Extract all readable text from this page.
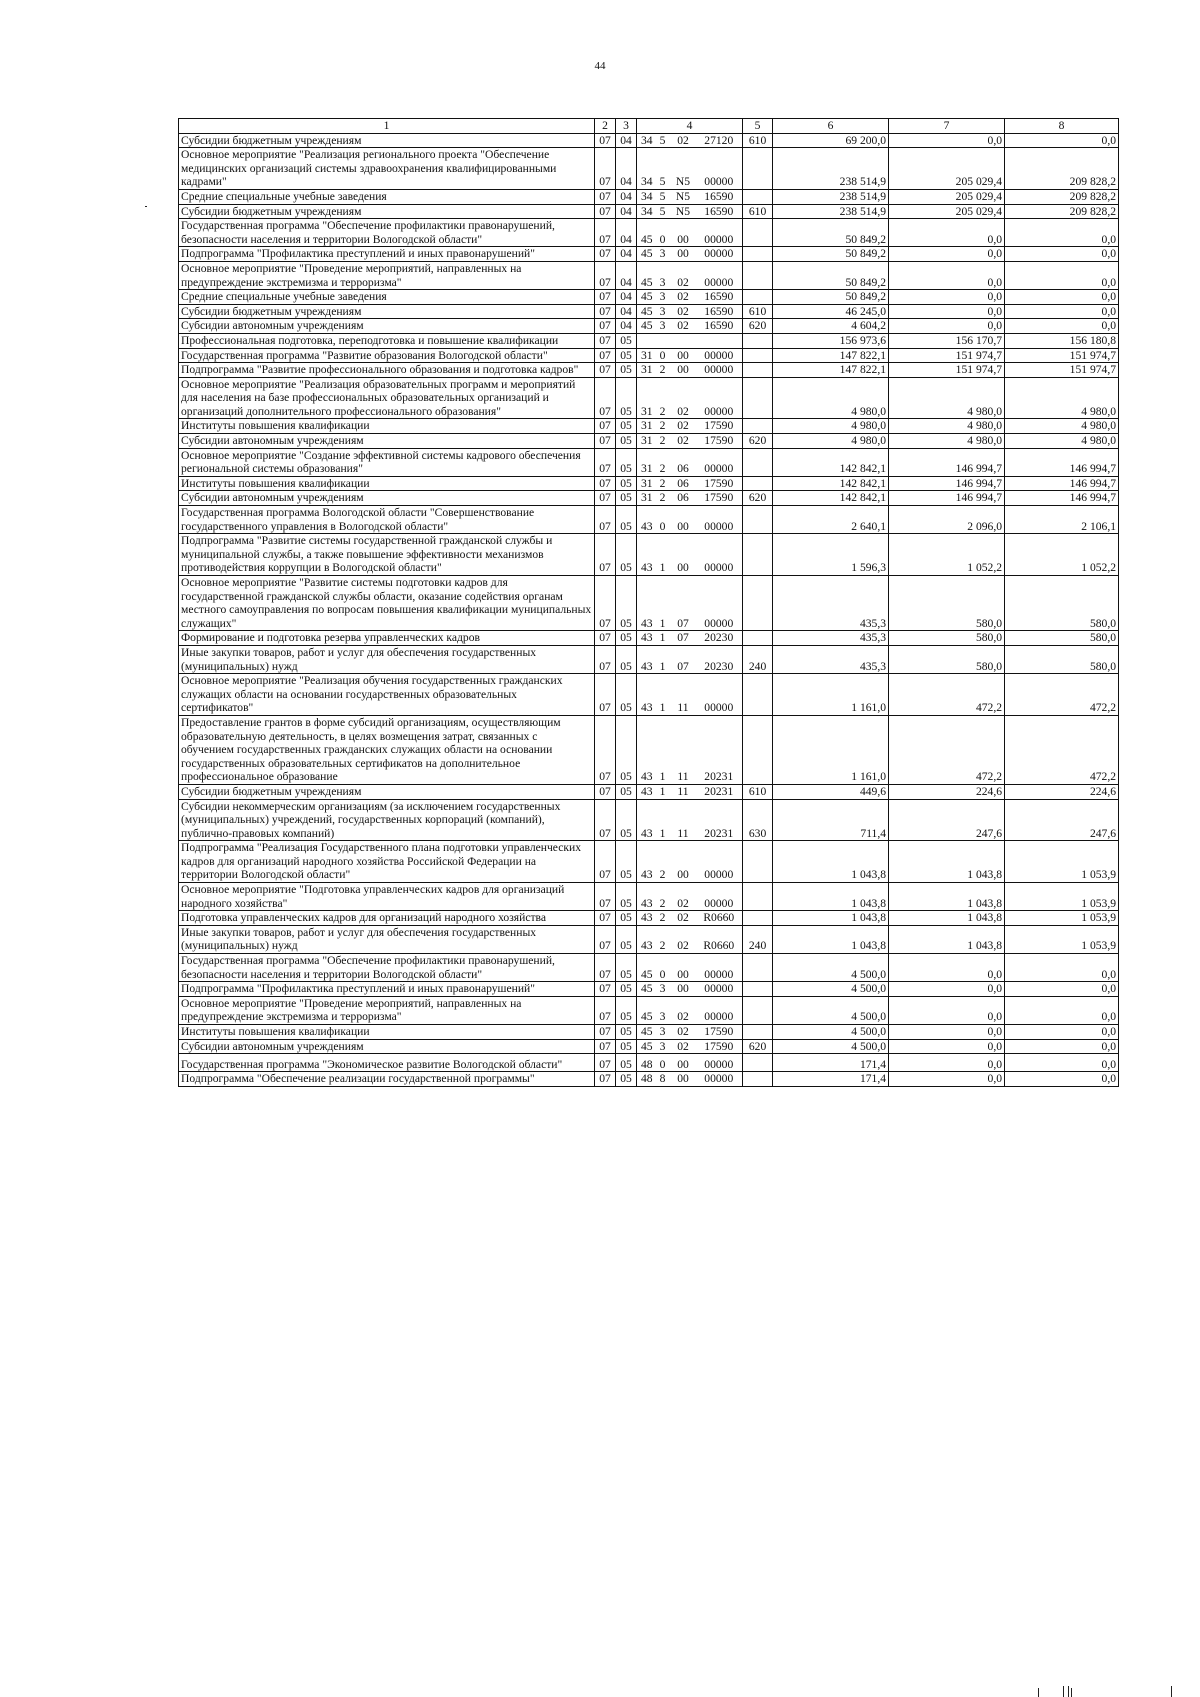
44
1	2	3	4				5	6	7	8
Субсидии бюджетным учреждениям	07	04	34	5	02	27120	610	69 200,0	0,0	0,0
Основное мероприятие "Реализация регионального проекта "Обеспечение медицинских организаций системы здравоохранения квалифицированными кадрами"	07	04	34	5	N5	00000		238 514,9	205 029,4	209 828,2
Средние специальные учебные заведения	07	04	34	5	N5	16590		238 514,9	205 029,4	209 828,2
Субсидии бюджетным учреждениям	07	04	34	5	N5	16590	610	238 514,9	205 029,4	209 828,2
Государственная программа "Обеспечение профилактики правонарушений, безопасности населения и территории Вологодской области"	07	04	45	0	00	00000		50 849,2	0,0	0,0
Подпрограмма "Профилактика преступлений и иных правонарушений"	07	04	45	3	00	00000		50 849,2	0,0	0,0
Основное мероприятие "Проведение мероприятий, направленных на предупреждение экстремизма и терроризма"	07	04	45	3	02	00000		50 849,2	0,0	0,0
Средние специальные учебные заведения	07	04	45	3	02	16590		50 849,2	0,0	0,0
Субсидии бюджетным учреждениям	07	04	45	3	02	16590	610	46 245,0	0,0	0,0
Субсидии автономным учреждениям	07	04	45	3	02	16590	620	4 604,2	0,0	0,0
Профессиональная подготовка, переподготовка и повышение квалификации	07	05						156 973,6	156 170,7	156 180,8
Государственная программа "Развитие образования Вологодской области"	07	05	31	0	00	00000		147 822,1	151 974,7	151 974,7
Подпрограмма "Развитие профессионального образования и подготовка кадров"	07	05	31	2	00	00000		147 822,1	151 974,7	151 974,7
Основное мероприятие "Реализация образовательных программ и мероприятий для населения на базе профессиональных образовательных организаций и организаций дополнительного профессионального образования"	07	05	31	2	02	00000		4 980,0	4 980,0	4 980,0
Институты повышения квалификации	07	05	31	2	02	17590		4 980,0	4 980,0	4 980,0
Субсидии автономным учреждениям	07	05	31	2	02	17590	620	4 980,0	4 980,0	4 980,0
Основное мероприятие "Создание эффективной системы кадрового обеспечения региональной системы образования"	07	05	31	2	06	00000		142 842,1	146 994,7	146 994,7
Институты повышения квалификации	07	05	31	2	06	17590		142 842,1	146 994,7	146 994,7
Субсидии автономным учреждениям	07	05	31	2	06	17590	620	142 842,1	146 994,7	146 994,7
Государственная программа Вологодской области "Совершенствование государственного управления в Вологодской области"	07	05	43	0	00	00000		2 640,1	2 096,0	2 106,1
Подпрограмма "Развитие системы государственной гражданской службы и муниципальной службы, а также повышение эффективности механизмов противодействия коррупции в Вологодской области"	07	05	43	1	00	00000		1 596,3	1 052,2	1 052,2
Основное мероприятие "Развитие системы подготовки кадров для государственной гражданской службы области, оказание содействия органам местного самоуправления по вопросам повышения квалификации муниципальных служащих"	07	05	43	1	07	00000		435,3	580,0	580,0
Формирование и подготовка резерва управленческих кадров	07	05	43	1	07	20230		435,3	580,0	580,0
Иные закупки товаров, работ и услуг для обеспечения государственных (муниципальных) нужд	07	05	43	1	07	20230	240	435,3	580,0	580,0
Основное мероприятие "Реализация обучения государственных гражданских служащих области на основании государственных образовательных сертификатов"	07	05	43	1	11	00000		1 161,0	472,2	472,2
Предоставление грантов в форме субсидий организациям, осуществляющим образовательную деятельность, в целях возмещения затрат, связанных с обучением государственных гражданских служащих области на основании государственных образовательных сертификатов на дополнительное профессиональное образование	07	05	43	1	11	20231		1 161,0	472,2	472,2
Субсидии бюджетным учреждениям	07	05	43	1	11	20231	610	449,6	224,6	224,6
Субсидии некоммерческим организациям (за исключением государственных (муниципальных) учреждений, государственных корпораций (компаний), публично-правовых компаний)	07	05	43	1	11	20231	630	711,4	247,6	247,6
Подпрограмма "Реализация Государственного плана подготовки управленческих кадров для организаций народного хозяйства Российской Федерации на территории Вологодской области"	07	05	43	2	00	00000		1 043,8	1 043,8	1 053,9
Основное мероприятие "Подготовка управленческих кадров для организаций народного хозяйства"	07	05	43	2	02	00000		1 043,8	1 043,8	1 053,9
Подготовка управленческих кадров для организаций народного хозяйства	07	05	43	2	02	R0660		1 043,8	1 043,8	1 053,9
Иные закупки товаров, работ и услуг для обеспечения государственных (муниципальных) нужд	07	05	43	2	02	R0660	240	1 043,8	1 043,8	1 053,9
Государственная программа "Обеспечение профилактики правонарушений, безопасности населения и территории Вологодской области"	07	05	45	0	00	00000		4 500,0	0,0	0,0
Подпрограмма "Профилактика преступлений и иных правонарушений"	07	05	45	3	00	00000		4 500,0	0,0	0,0
Основное мероприятие "Проведение мероприятий, направленных на предупреждение экстремизма и терроризма"	07	05	45	3	02	00000		4 500,0	0,0	0,0
Институты повышения квалификации	07	05	45	3	02	17590		4 500,0	0,0	0,0
Субсидии автономным учреждениям	07	05	45	3	02	17590	620	4 500,0	0,0	0,0
Государственная программа "Экономическое развитие Вологодской области"	07	05	48	0	00	00000		171,4	0,0	0,0
Подпрограмма "Обеспечение реализации государственной программы"	07	05	48	8	00	00000		171,4	0,0	0,0
